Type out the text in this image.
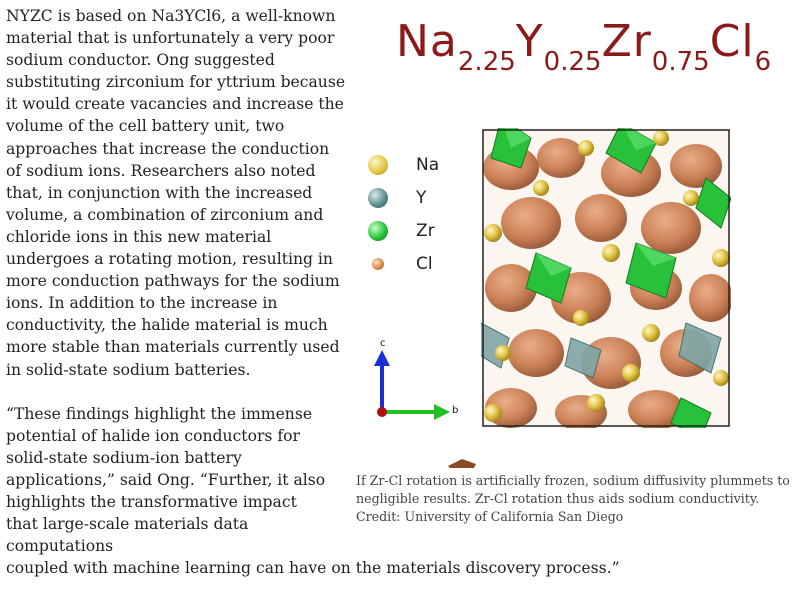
NYZC is based on Na3YCl6, a well-known material that is unfortunately a very poor sodium conductor. Ong suggested substituting zirconium for yttrium because it would create vacancies and increase the volume of the cell battery unit, two approaches that increase the conduction of sodium ions. Researchers also noted that, in conjunction with the increased volume, a combination of zirconium and chloride ions in this new material undergoes a rotating motion, resulting in more conduction pathways for the sodium ions. In addition to the increase in conductivity, the halide material is much more stable than materials currently used in solid-state sodium batteries.

“These findings highlight the immense potential of halide ion conductors for solid-state sodium-ion battery applications,” said Ong. “Further, it also highlights the transformative impact that large-scale materials data computations

coupled with machine learning can have on the materials discovery process.”
$Na_{2.25}Y_{0.25}Zr_{0.75}Cl_6$
Na
Y
Zr
Cl
c
b
If Zr-Cl rotation is artificially frozen, sodium diffusivity plummets to negligible results. Zr-Cl rotation thus aids sodium conductivity. Credit: University of California San Diego
